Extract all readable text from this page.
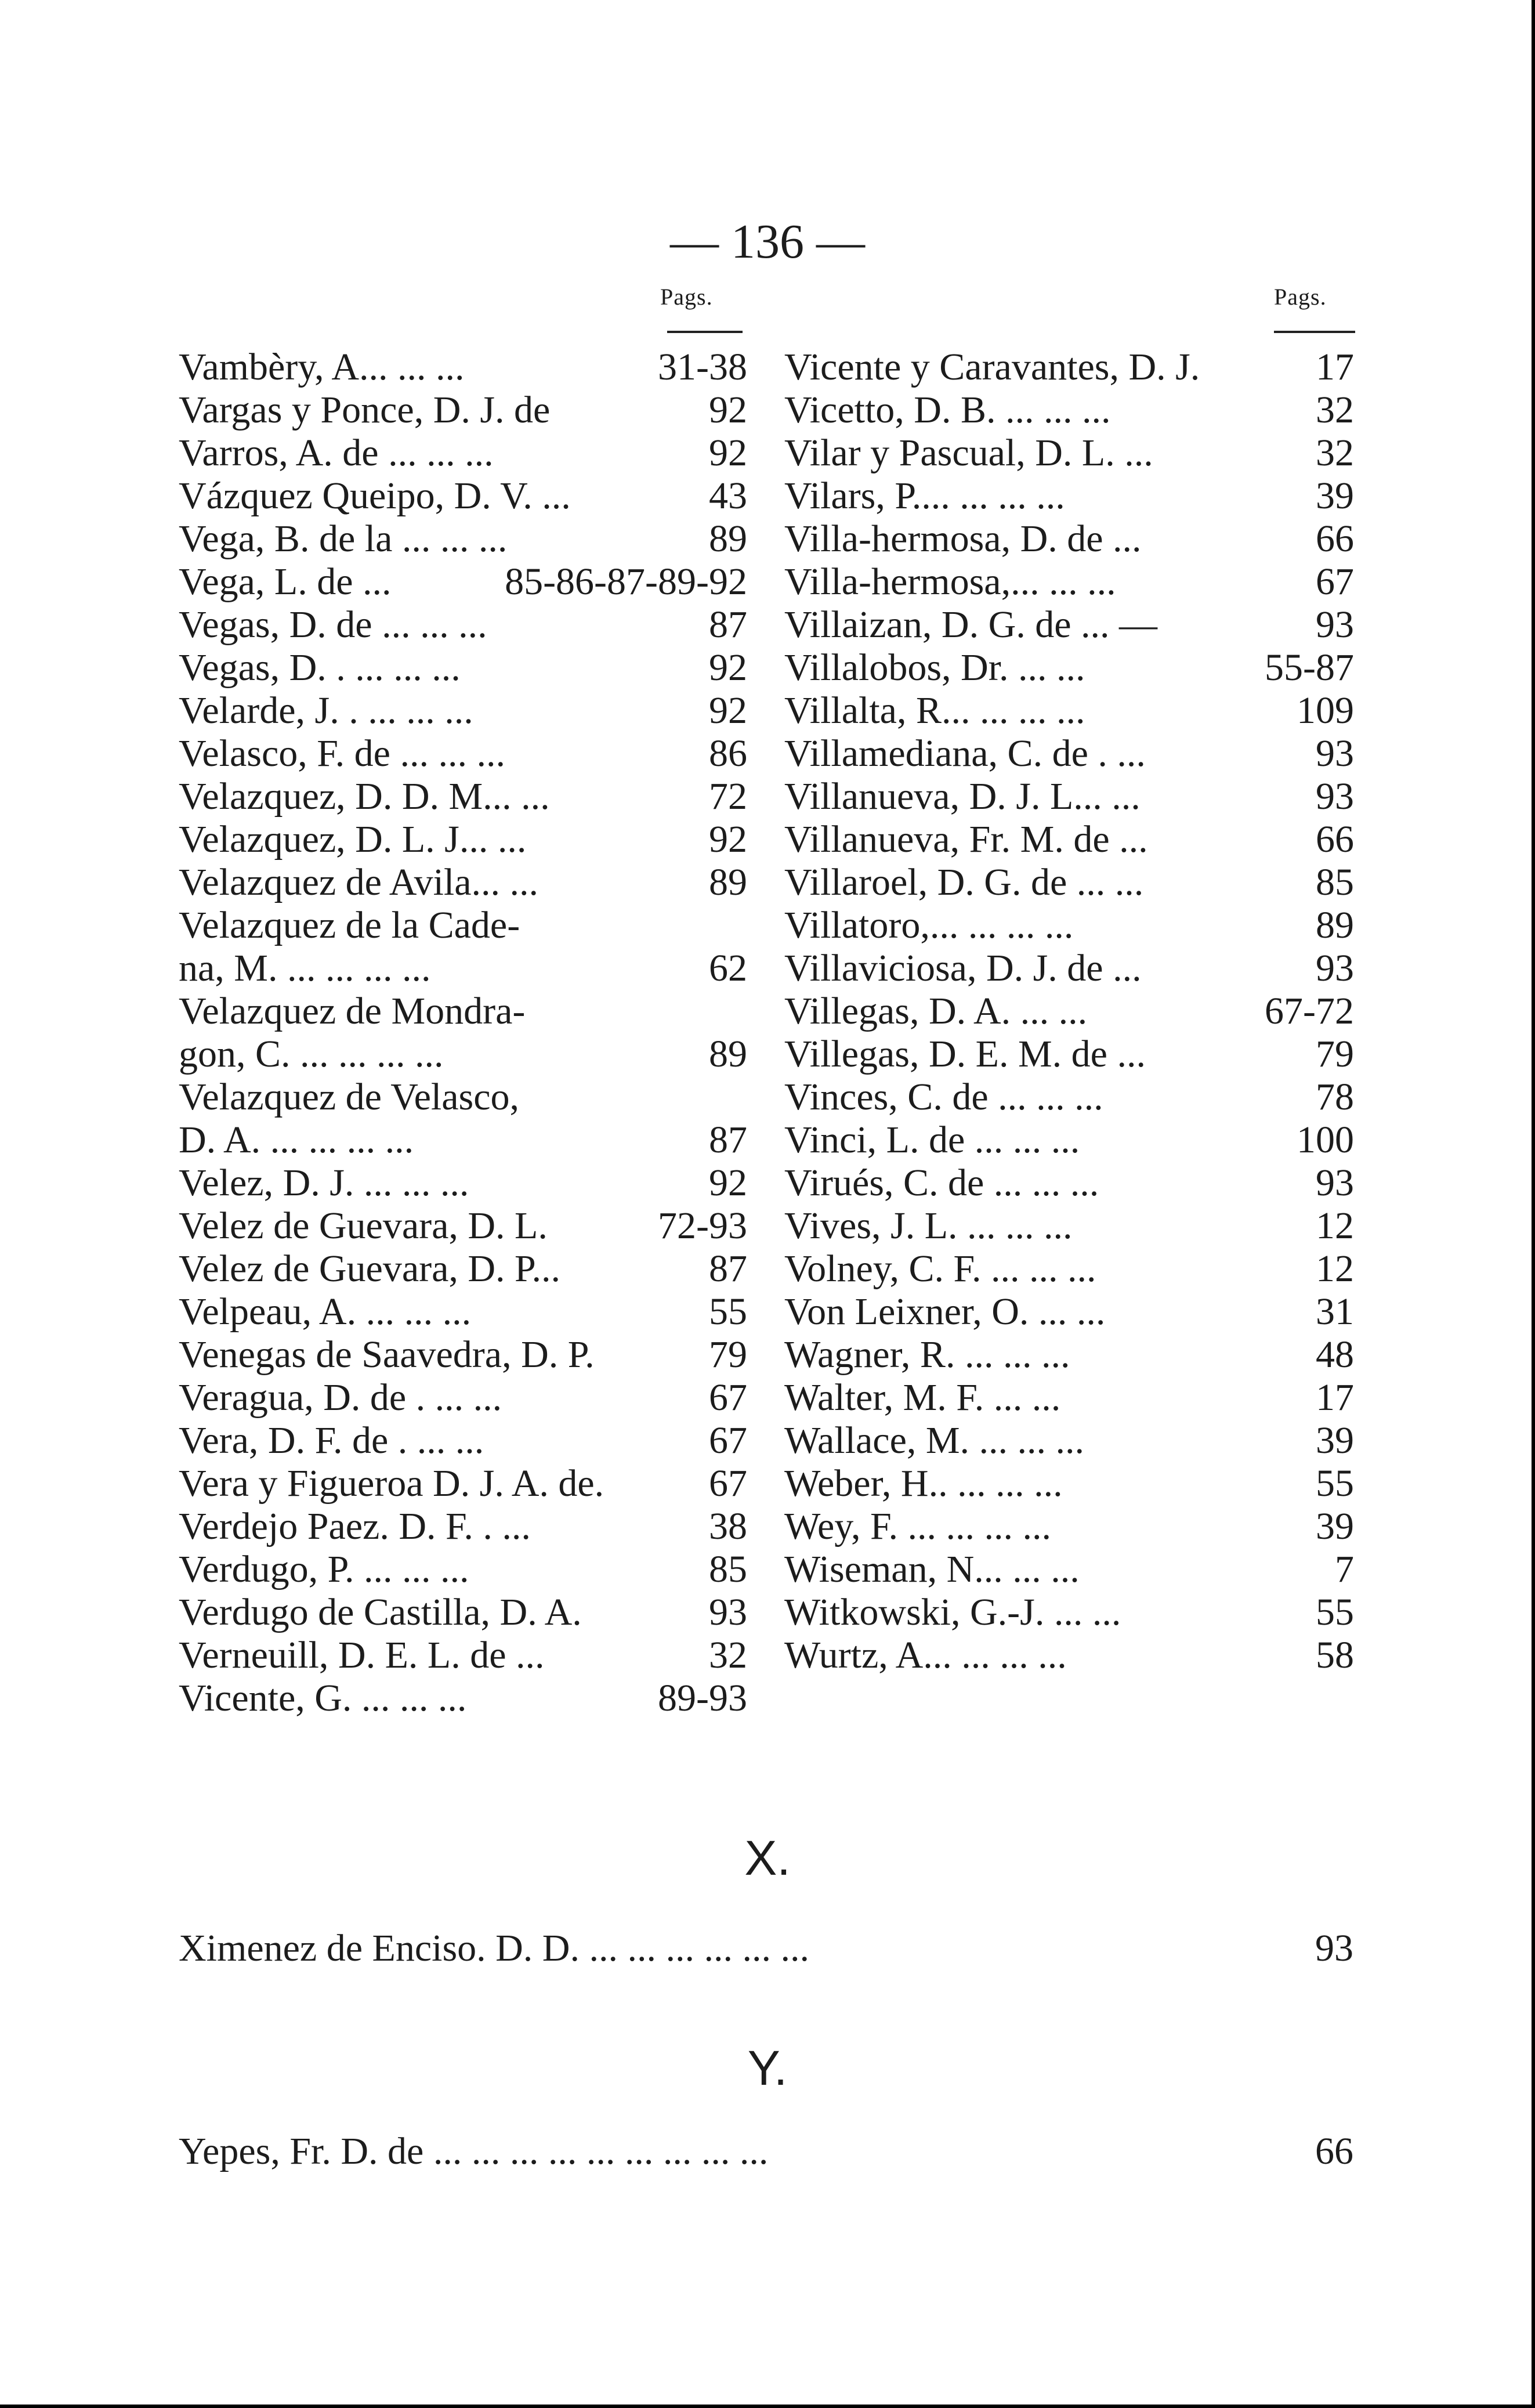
— 136 —
Pags.	Pags.
Vambèry, A... ... ...	31-38
Vargas y Ponce, D. J. de	92
Varros, A. de ... ... ...	92
Vázquez Queipo, D. V. ...	43
Vega, B. de la ... ... ...	89
Vega, L. de ...	85-86-87-89-92
Vegas, D. de ... ... ...	87
Vegas, D. . ... ... ...	92
Velarde, J. . ... ... ...	92
Velasco, F. de ... ... ...	86
Velazquez, D. D. M... ...	72
Velazquez, D. L. J... ...	92
Velazquez de Avila... ...	89
Velazquez de la Cade-
na, M. ... ... ... ...	62
Velazquez de Mondra-
gon, C. ... ... ... ...	89
Velazquez de Velasco,
D. A. ... ... ... ...	87
Velez, D. J. ... ... ...	92
Velez de Guevara, D. L.	72-93
Velez de Guevara, D. P...	87
Velpeau, A. ... ... ...	55
Venegas de Saavedra, D. P.	79
Veragua, D. de . ... ...	67
Vera, D. F. de . ... ...	67
Vera y Figueroa D. J. A. de.	67
Verdejo Paez. D. F. . ...	38
Verdugo, P. ... ... ...	85
Verdugo de Castilla, D. A.	93
Verneuill, D. E. L. de ...	32
Vicente, G. ... ... ...	89-93
Vicente y Caravantes, D. J.	17
Vicetto, D. B. ... ... ...	32
Vilar y Pascual, D. L. ...	32
Vilars, P.... ... ... ...	39
Villa-hermosa, D. de ...	66
Villa-hermosa,... ... ...	67
Villaizan, D. G. de ... —	93
Villalobos, Dr. ... ...	55-87
Villalta, R... ... ... ...	109
Villamediana, C. de . ...	93
Villanueva, D. J. L... ...	93
Villanueva, Fr. M. de ...	66
Villaroel, D. G. de ... ...	85
Villatoro,... ... ... ...	89
Villaviciosa, D. J. de ...	93
Villegas, D. A. ... ...	67-72
Villegas, D. E. M. de ...	79
Vinces, C. de ... ... ...	78
Vinci, L. de ... ... ...	100
Virués, C. de ... ... ...	93
Vives, J. L. ... ... ...	12
Volney, C. F. ... ... ...	12
Von Leixner, O. ... ...	31
Wagner, R. ... ... ...	48
Walter, M. F. ... ...	17
Wallace, M. ... ... ...	39
Weber, H.. ... ... ...	55
Wey, F. ... ... ... ...	39
Wiseman, N... ... ...	7
Witkowski, G.-J. ... ...	55
Wurtz, A... ... ... ...	58
X.
Ximenez de Enciso. D. D. ... ... ... ... ... ...	93
Y.
Yepes, Fr. D. de ... ... ... ... ... ... ... ... ...	66
